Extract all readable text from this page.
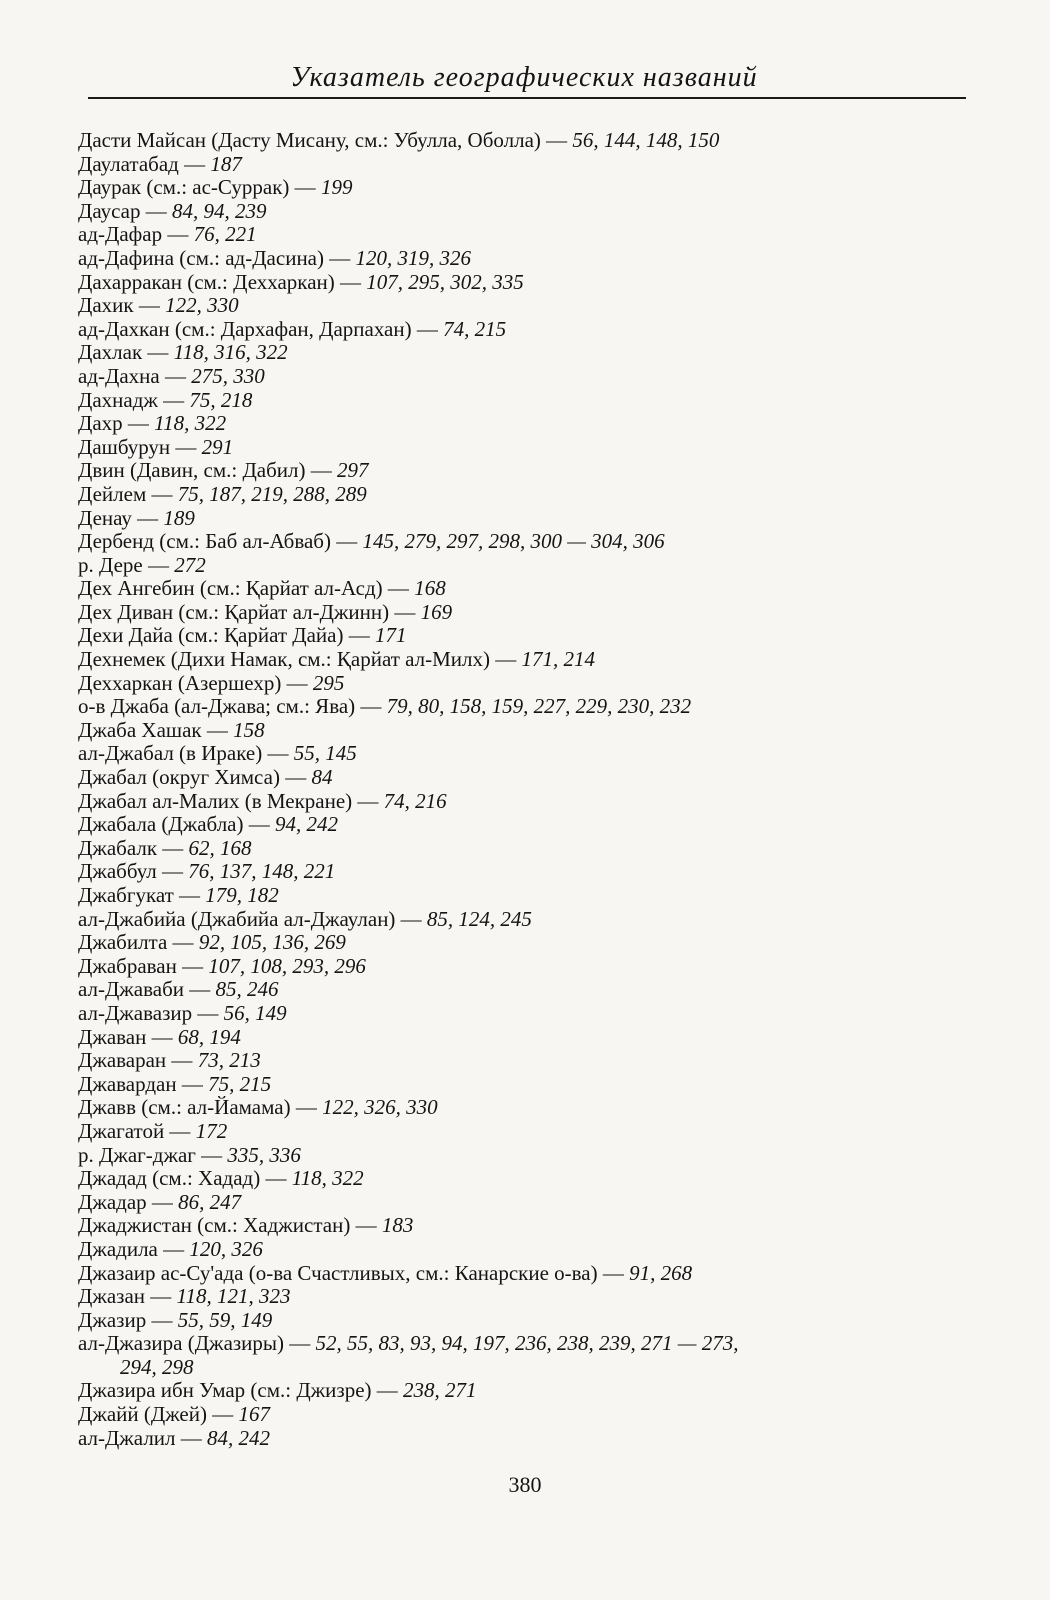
Указатель географических названий
Дасти Майсан (Дасту Мисану, см.: Убулла, Оболла) — 56, 144, 148, 150
Даулатабад — 187
Даурак (см.: ас-Суррак) — 199
Даусар — 84, 94, 239
ад-Дафар — 76, 221
ад-Дафина (см.: ад-Дасина) — 120, 319, 326
Дахарракан (см.: Деххаркан) — 107, 295, 302, 335
Дахик — 122, 330
ад-Дахкан (см.: Дархафан, Дарпахан) — 74, 215
Дахлак — 118, 316, 322
ад-Дахна — 275, 330
Дахнадж — 75, 218
Дахр — 118, 322
Дашбурун — 291
Двин (Давин, см.: Дабил) — 297
Дейлем — 75, 187, 219, 288, 289
Денау — 189
Дербенд (см.: Баб ал-Абваб) — 145, 279, 297, 298, 300 — 304, 306
р. Дере — 272
Дех Ангебин (см.: Қарйат ал-Асд) — 168
Дех Диван (см.: Қарйат ал-Джинн) — 169
Дехи Дайа (см.: Қарйат Дайа) — 171
Дехнемек (Дихи Намак, см.: Қарйат ал-Милх) — 171, 214
Деххаркан (Азершехр) — 295
о-в Джаба (ал-Джава; см.: Ява) — 79, 80, 158, 159, 227, 229, 230, 232
Джаба Хашак — 158
ал-Джабал (в Ираке) — 55, 145
Джабал (округ Химса) — 84
Джабал ал-Малих (в Мекране) — 74, 216
Джабала (Джабла) — 94, 242
Джабалк — 62, 168
Джаббул — 76, 137, 148, 221
Джабгукат — 179, 182
ал-Джабийа (Джабийа ал-Джаулан) — 85, 124, 245
Джабилта — 92, 105, 136, 269
Джабраван — 107, 108, 293, 296
ал-Джаваби — 85, 246
ал-Джавазир — 56, 149
Джаван — 68, 194
Джаваран — 73, 213
Джавардан — 75, 215
Джавв (см.: ал-Йамама) — 122, 326, 330
Джагатой — 172
р. Джаг-джаг — 335, 336
Джадад (см.: Хадад) — 118, 322
Джадар — 86, 247
Джаджистан (см.: Хаджистан) — 183
Джадила — 120, 326
Джазаир ас-Су'ада (о-ва Счастливых, см.: Канарские о-ва) — 91, 268
Джазан — 118, 121, 323
Джазир — 55, 59, 149
ал-Джазира (Джазиры) — 52, 55, 83, 93, 94, 197, 236, 238, 239, 271 — 273,
294, 298
Джазира ибн Умар (см.: Джизре) — 238, 271
Джайй (Джей) — 167
ал-Джалил — 84, 242
380
